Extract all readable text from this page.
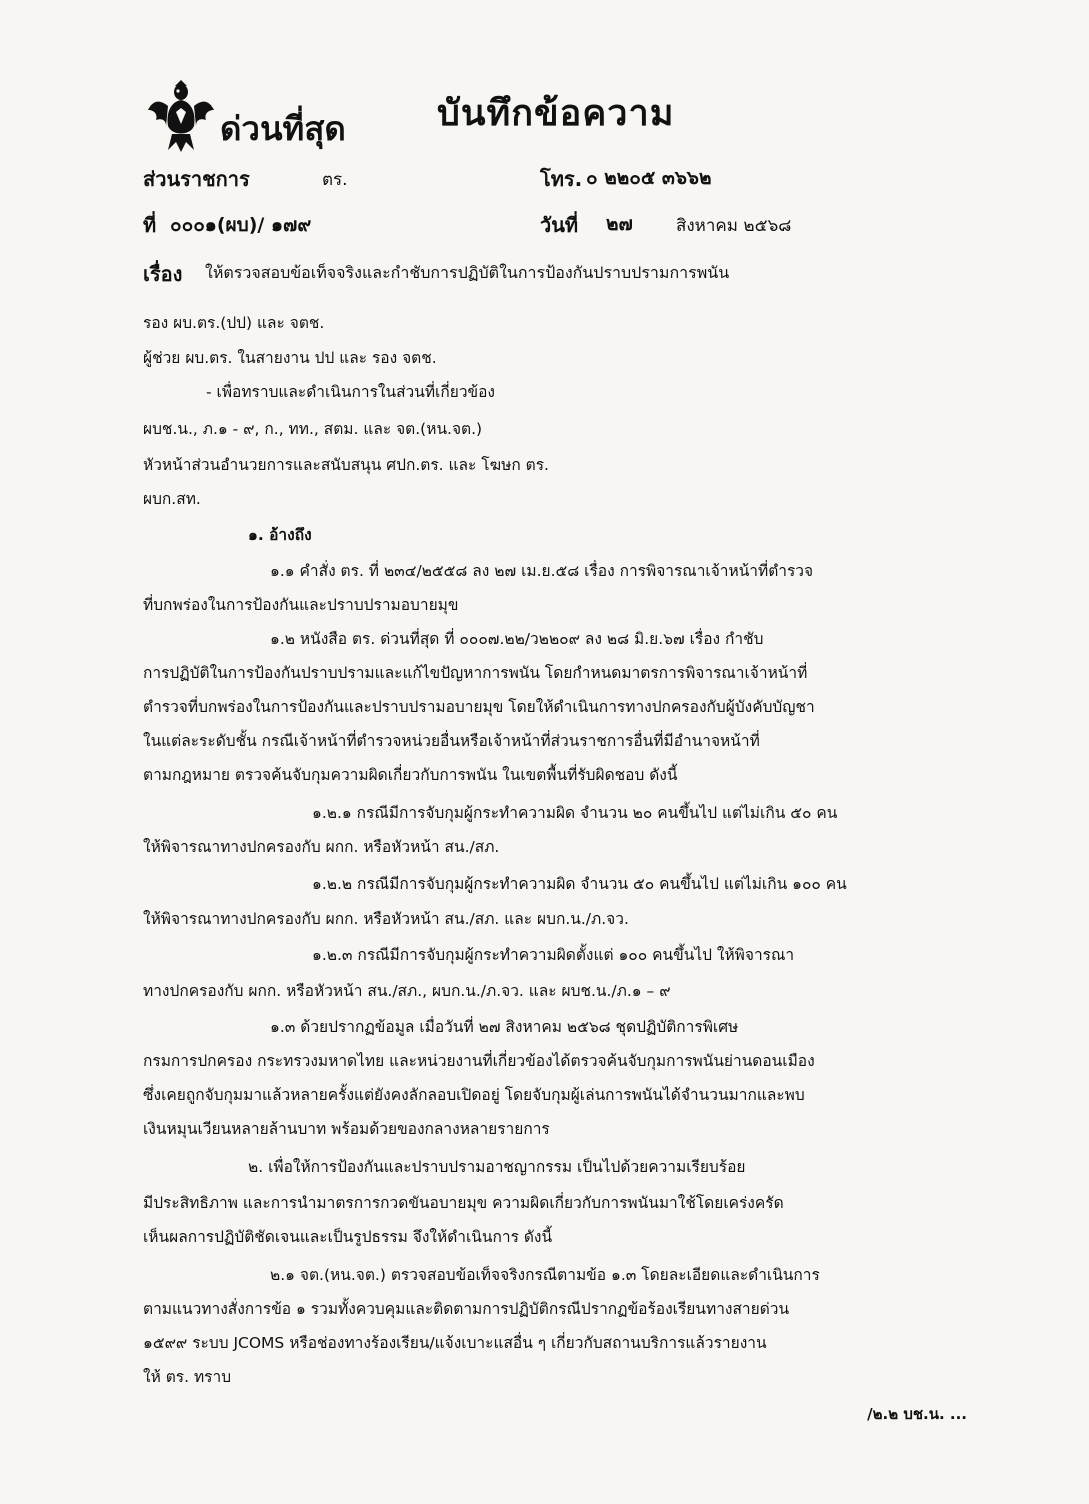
ด่วนที่สุด	บันทึกข้อความ
ส่วนราชการ	ตร.	โทร. ๐ ๒๒๐๕ ๓๖๖๒
ที่ ๐๐๐๑(ผบ)/ ๑๗๙	วันที่ ๒๗	สิงหาคม ๒๕๖๘
เรื่อง ให้ตรวจสอบข้อเท็จจริงและกำชับการปฏิบัติในการป้องกันปราบปรามการพนัน
รอง ผบ.ตร.(ปป) และ จตช.
ผู้ช่วย ผบ.ตร. ในสายงาน ปป และ รอง จตช.
- เพื่อทราบและดำเนินการในส่วนที่เกี่ยวข้อง
ผบช.น., ภ.๑ - ๙, ก., ทท., สตม. และ จต.(หน.จต.)
หัวหน้าส่วนอำนวยการและสนับสนุน ศปก.ตร. และ โฆษก ตร.
ผบก.สท.
๑. อ้างถึง
๑.๑ คำสั่ง ตร. ที่ ๒๓๔/๒๕๕๘ ลง ๒๗ เม.ย.๕๘ เรื่อง การพิจารณาเจ้าหน้าที่ตำรวจ
ที่บกพร่องในการป้องกันและปราบปรามอบายมุข
๑.๒ หนังสือ ตร. ด่วนที่สุด ที่ ๐๐๐๗.๒๒/ว๒๒๐๙ ลง ๒๘ มิ.ย.๖๗ เรื่อง กำชับ
การปฏิบัติในการป้องกันปราบปรามและแก้ไขปัญหาการพนัน โดยกำหนดมาตรการพิจารณาเจ้าหน้าที่
ตำรวจที่บกพร่องในการป้องกันและปราบปรามอบายมุข โดยให้ดำเนินการทางปกครองกับผู้บังคับบัญชา
ในแต่ละระดับชั้น กรณีเจ้าหน้าที่ตำรวจหน่วยอื่นหรือเจ้าหน้าที่ส่วนราชการอื่นที่มีอำนาจหน้าที่
ตามกฎหมาย ตรวจค้นจับกุมความผิดเกี่ยวกับการพนัน ในเขตพื้นที่รับผิดชอบ ดังนี้
๑.๒.๑ กรณีมีการจับกุมผู้กระทำความผิด จำนวน ๒๐ คนขึ้นไป แต่ไม่เกิน ๕๐ คน
ให้พิจารณาทางปกครองกับ ผกก. หรือหัวหน้า สน./สภ.
๑.๒.๒ กรณีมีการจับกุมผู้กระทำความผิด จำนวน ๕๐ คนขึ้นไป แต่ไม่เกิน ๑๐๐ คน
ให้พิจารณาทางปกครองกับ ผกก. หรือหัวหน้า สน./สภ. และ ผบก.น./ภ.จว.
๑.๒.๓ กรณีมีการจับกุมผู้กระทำความผิดตั้งแต่ ๑๐๐ คนขึ้นไป ให้พิจารณา
ทางปกครองกับ ผกก. หรือหัวหน้า สน./สภ., ผบก.น./ภ.จว. และ ผบช.น./ภ.๑ – ๙
๑.๓ ด้วยปรากฏข้อมูล เมื่อวันที่ ๒๗ สิงหาคม ๒๕๖๘ ชุดปฏิบัติการพิเศษ
กรมการปกครอง กระทรวงมหาดไทย และหน่วยงานที่เกี่ยวข้องได้ตรวจค้นจับกุมการพนันย่านดอนเมือง
ซึ่งเคยถูกจับกุมมาแล้วหลายครั้งแต่ยังคงลักลอบเปิดอยู่ โดยจับกุมผู้เล่นการพนันได้จำนวนมากและพบ
เงินหมุนเวียนหลายล้านบาท พร้อมด้วยของกลางหลายรายการ
๒. เพื่อให้การป้องกันและปราบปรามอาชญากรรม เป็นไปด้วยความเรียบร้อย
มีประสิทธิภาพ และการนำมาตรการกวดขันอบายมุข ความผิดเกี่ยวกับการพนันมาใช้โดยเคร่งครัด
เห็นผลการปฏิบัติชัดเจนและเป็นรูปธรรม จึงให้ดำเนินการ ดังนี้
๒.๑ จต.(หน.จต.) ตรวจสอบข้อเท็จจริงกรณีตามข้อ ๑.๓ โดยละเอียดและดำเนินการ
ตามแนวทางสั่งการข้อ ๑ รวมทั้งควบคุมและติดตามการปฏิบัติกรณีปรากฏข้อร้องเรียนทางสายด่วน
๑๕๙๙ ระบบ JCOMS หรือช่องทางร้องเรียน/แจ้งเบาะแสอื่น ๆ เกี่ยวกับสถานบริการแล้วรายงาน
ให้ ตร. ทราบ
/๒.๒ บช.น. ...
